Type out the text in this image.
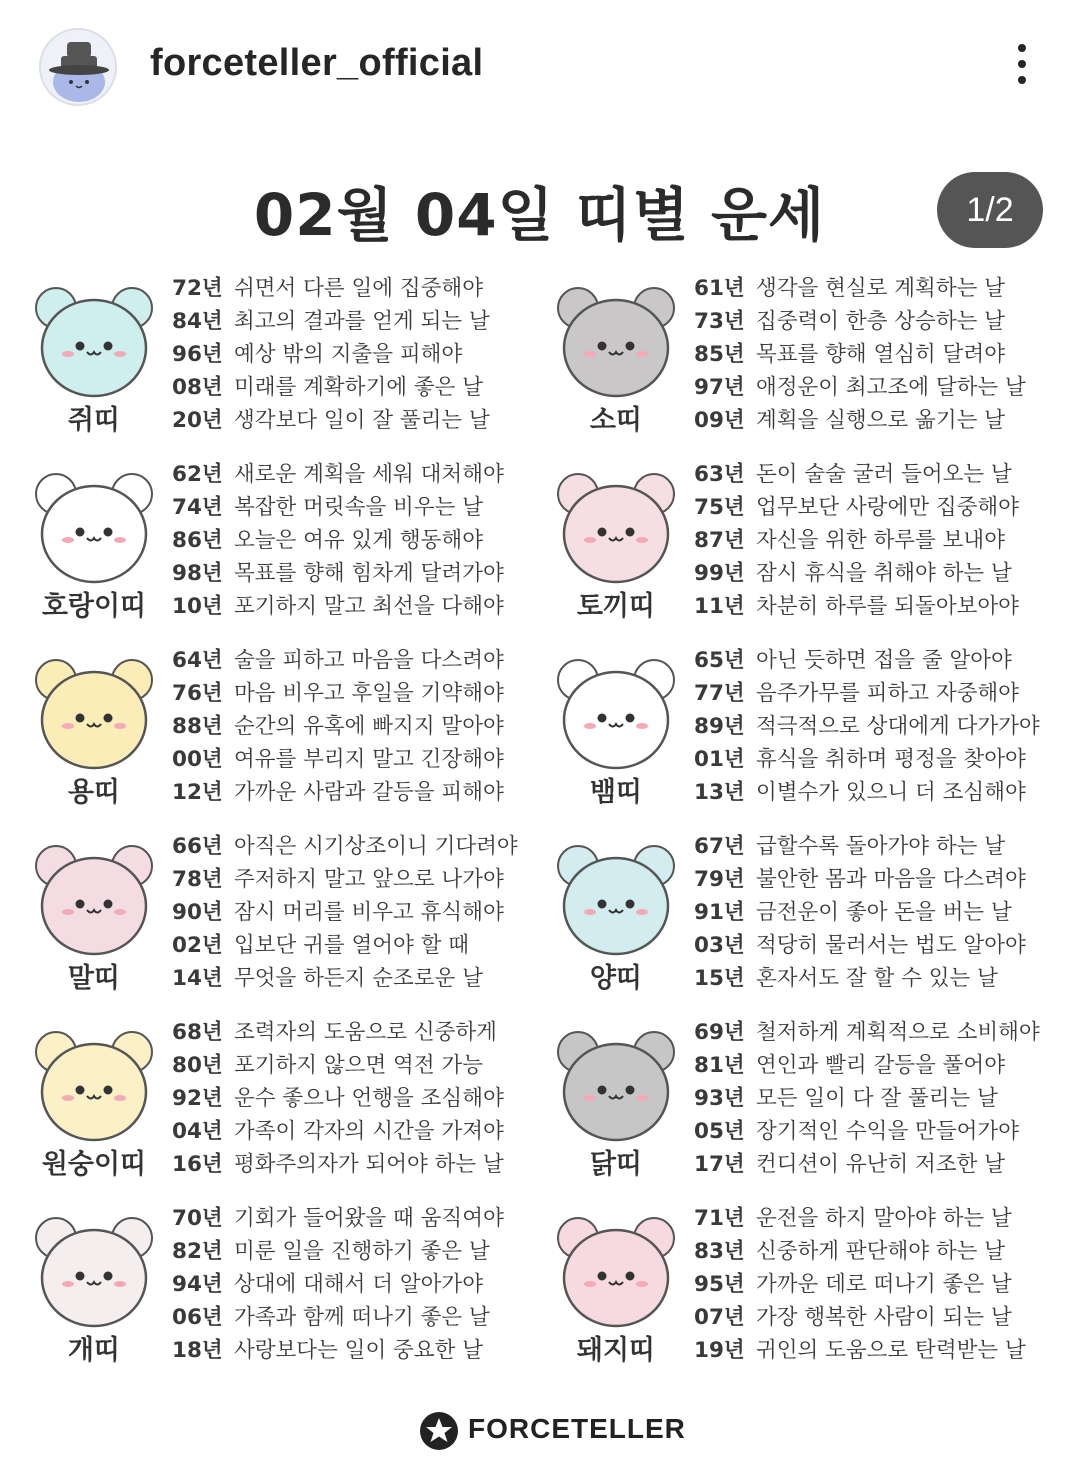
forceteller_official
02월 04일 띠별 운세	1/2
쥐띠
72년 쉬면서 다른 일에 집중해야
84년 최고의 결과를 얻게 되는 날
96년 예상 밖의 지출을 피해야
08년 미래를 계확하기에 좋은 날
20년 생각보다 일이 잘 풀리는 날	소띠
61년 생각을 현실로 계획하는 날
73년 집중력이 한층 상승하는 날
85년 목표를 향해 열심히 달려야
97년 애정운이 최고조에 달하는 날
09년 계획을 실행으로 옮기는 날
호랑이띠
62년 새로운 계획을 세워 대처해야
74년 복잡한 머릿속을 비우는 날
86년 오늘은 여유 있게 행동해야
98년 목표를 향해 힘차게 달려가야
10년 포기하지 말고 최선을 다해야	토끼띠
63년 돈이 술술 굴러 들어오는 날
75년 업무보단 사랑에만 집중해야
87년 자신을 위한 하루를 보내야
99년 잠시 휴식을 취해야 하는 날
11년 차분히 하루를 되돌아보아야
용띠
64년 술을 피하고 마음을 다스려야
76년 마음 비우고 후일을 기약해야
88년 순간의 유혹에 빠지지 말아야
00년 여유를 부리지 말고 긴장해야
12년 가까운 사람과 갈등을 피해야	뱀띠
65년 아닌 듯하면 접을 줄 알아야
77년 음주가무를 피하고 자중해야
89년 적극적으로 상대에게 다가가야
01년 휴식을 취하며 평정을 찾아야
13년 이별수가 있으니 더 조심해야
말띠
66년 아직은 시기상조이니 기다려야
78년 주저하지 말고 앞으로 나가야
90년 잠시 머리를 비우고 휴식해야
02년 입보단 귀를 열어야 할 때
14년 무엇을 하든지 순조로운 날	양띠
67년 급할수록 돌아가야 하는 날
79년 불안한 몸과 마음을 다스려야
91년 금전운이 좋아 돈을 버는 날
03년 적당히 물러서는 법도 알아야
15년 혼자서도 잘 할 수 있는 날
원숭이띠
68년 조력자의 도움으로 신중하게
80년 포기하지 않으면 역전 가능
92년 운수 좋으나 언행을 조심해야
04년 가족이 각자의 시간을 가져야
16년 평화주의자가 되어야 하는 날	닭띠
69년 철저하게 계획적으로 소비해야
81년 연인과 빨리 갈등을 풀어야
93년 모든 일이 다 잘 풀리는 날
05년 장기적인 수익을 만들어가야
17년 컨디션이 유난히 저조한 날
개띠
70년 기회가 들어왔을 때 움직여야
82년 미룬 일을 진행하기 좋은 날
94년 상대에 대해서 더 알아가야
06년 가족과 함께 떠나기 좋은 날
18년 사랑보다는 일이 중요한 날	돼지띠
71년 운전을 하지 말아야 하는 날
83년 신중하게 판단해야 하는 날
95년 가까운 데로 떠나기 좋은 날
07년 가장 행복한 사람이 되는 날
19년 귀인의 도움으로 탄력받는 날
FORCETELLER
